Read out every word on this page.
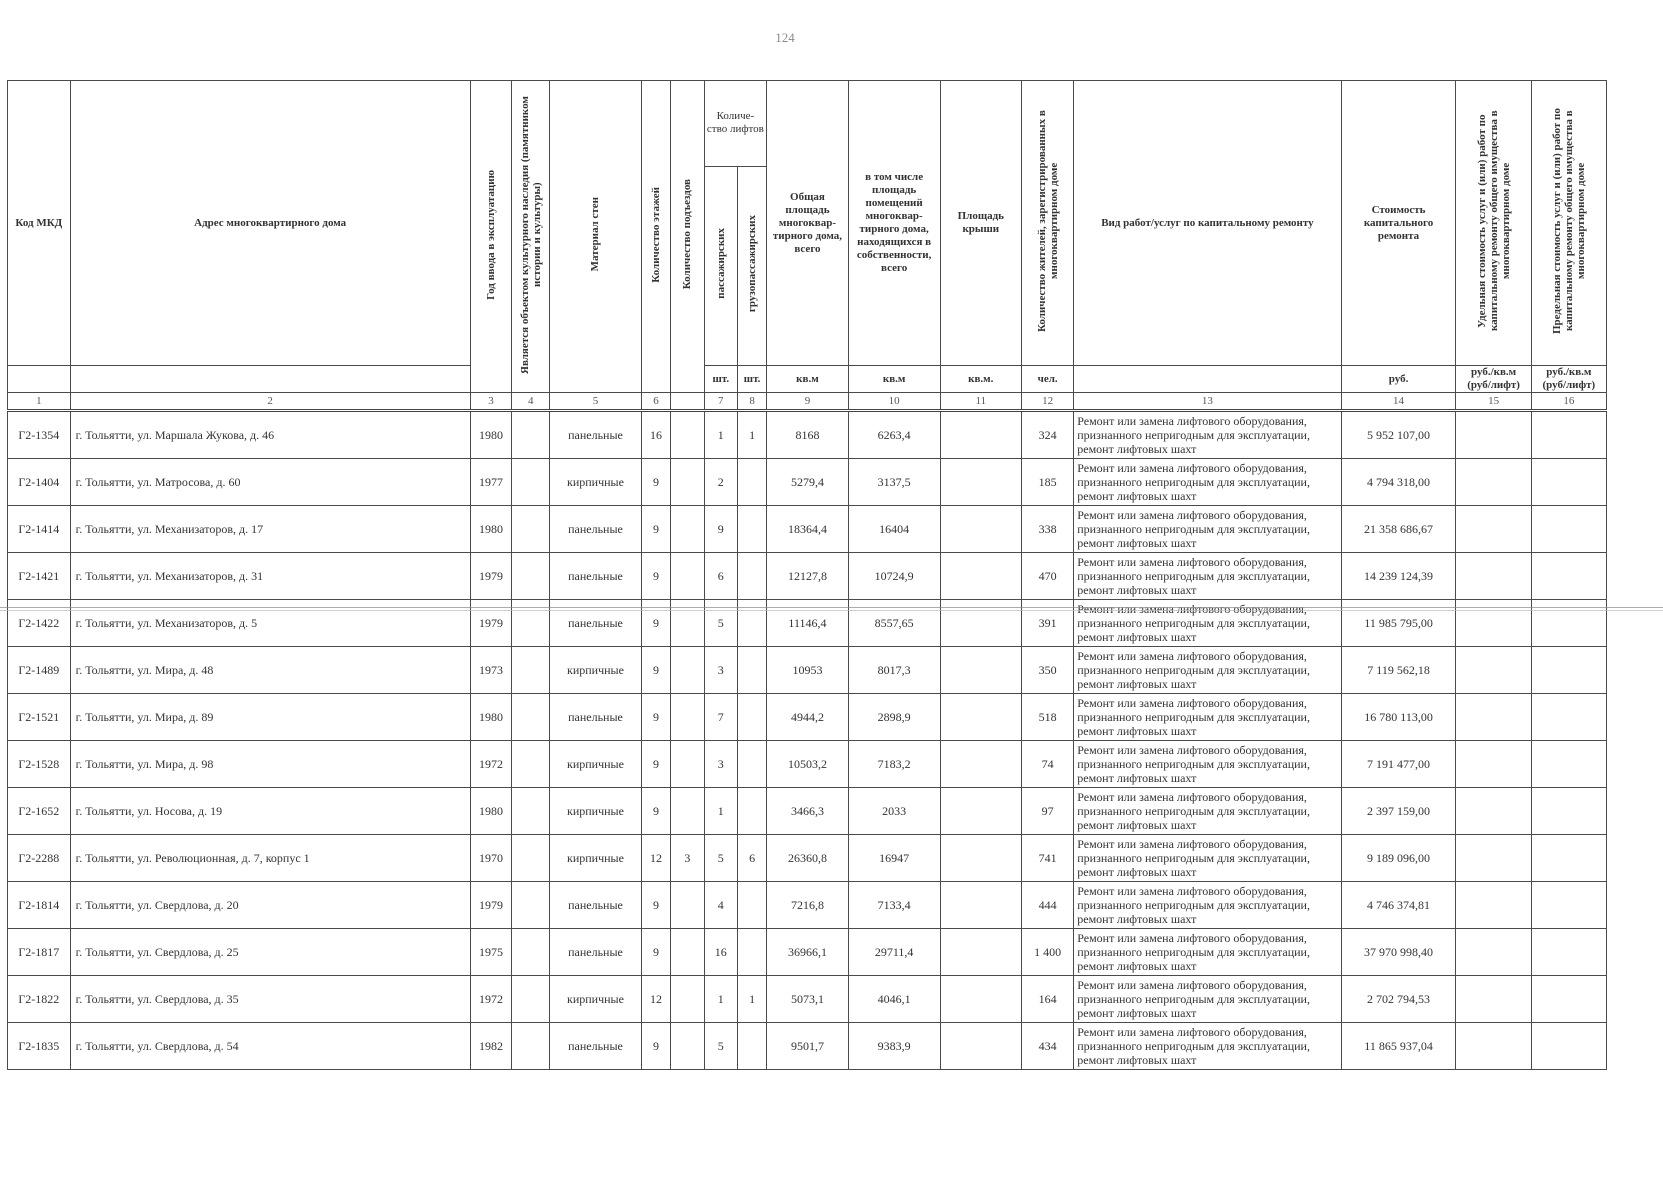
124
Код МКД	Адрес многоквартирного дома	Год ввода в эксплуатацию	Является объектом культурного наследия (памятником истории и культуры)	Материал стен	Количество этажей	Количество подъездов	Количе-ство лифтов		Общая площадь многоквар-тирного дома, всего	в том числе площадь помещений многоквар-тирного дома, находящихся в собственности, всего	Площадь крыши	Количество жителей, зарегистрированных в многоквартирном доме	Вид работ/услуг по капитальному ремонту	Стоимость капитального ремонта	Удельная стоимость услуг и (или) работ по капитальному ремонту общего имущества в многоквартирном доме	Предельная стоимость услуг и (или) работ по капитальному ремонту общего имущества в многоквартирном доме
							пассажирских	грузопассажирских								
							шт.	шт.	кв.м	кв.м	кв.м.	чел.		руб.	руб./кв.м (руб/лифт)	руб./кв.м (руб/лифт)
1	2	3	4	5	6		7	8	9	10	11	12	13	14	15	16
Г2-1354	г. Тольятти, ул. Маршала Жукова, д. 46	1980		панельные	16		1	1	8168	6263,4		324	Ремонт или замена лифтового оборудования, признанного непригодным для эксплуатации, ремонт лифтовых шахт	5 952 107,00		
Г2-1404	г. Тольятти, ул. Матросова, д. 60	1977		кирпичные	9		2		5279,4	3137,5		185	Ремонт или замена лифтового оборудования, признанного непригодным для эксплуатации, ремонт лифтовых шахт	4 794 318,00		
Г2-1414	г. Тольятти, ул. Механизаторов, д. 17	1980		панельные	9		9		18364,4	16404		338	Ремонт или замена лифтового оборудования, признанного непригодным для эксплуатации, ремонт лифтовых шахт	21 358 686,67		
Г2-1421	г. Тольятти, ул. Механизаторов, д. 31	1979		панельные	9		6		12127,8	10724,9		470	Ремонт или замена лифтового оборудования, признанного непригодным для эксплуатации, ремонт лифтовых шахт	14 239 124,39		
Г2-1422	г. Тольятти, ул. Механизаторов, д. 5	1979		панельные	9		5		11146,4	8557,65		391	Ремонт или замена лифтового оборудования, признанного непригодным для эксплуатации, ремонт лифтовых шахт	11 985 795,00		
Г2-1489	г. Тольятти, ул. Мира, д. 48	1973		кирпичные	9		3		10953	8017,3		350	Ремонт или замена лифтового оборудования, признанного непригодным для эксплуатации, ремонт лифтовых шахт	7 119 562,18		
Г2-1521	г. Тольятти, ул. Мира, д. 89	1980		панельные	9		7		4944,2	2898,9		518	Ремонт или замена лифтового оборудования, признанного непригодным для эксплуатации, ремонт лифтовых шахт	16 780 113,00		
Г2-1528	г. Тольятти, ул. Мира, д. 98	1972		кирпичные	9		3		10503,2	7183,2		74	Ремонт или замена лифтового оборудования, признанного непригодным для эксплуатации, ремонт лифтовых шахт	7 191 477,00		
Г2-1652	г. Тольятти, ул. Носова, д. 19	1980		кирпичные	9		1		3466,3	2033		97	Ремонт или замена лифтового оборудования, признанного непригодным для эксплуатации, ремонт лифтовых шахт	2 397 159,00		
Г2-2288	г. Тольятти, ул. Революционная, д. 7, корпус 1	1970		кирпичные	12	3	5	6	26360,8	16947		741	Ремонт или замена лифтового оборудования, признанного непригодным для эксплуатации, ремонт лифтовых шахт	9 189 096,00		
Г2-1814	г. Тольятти, ул. Свердлова, д. 20	1979		панельные	9		4		7216,8	7133,4		444	Ремонт или замена лифтового оборудования, признанного непригодным для эксплуатации, ремонт лифтовых шахт	4 746 374,81		
Г2-1817	г. Тольятти, ул. Свердлова, д. 25	1975		панельные	9		16		36966,1	29711,4		1 400	Ремонт или замена лифтового оборудования, признанного непригодным для эксплуатации, ремонт лифтовых шахт	37 970 998,40		
Г2-1822	г. Тольятти, ул. Свердлова, д. 35	1972		кирпичные	12		1	1	5073,1	4046,1		164	Ремонт или замена лифтового оборудования, признанного непригодным для эксплуатации, ремонт лифтовых шахт	2 702 794,53		
Г2-1835	г. Тольятти, ул. Свердлова, д. 54	1982		панельные	9		5		9501,7	9383,9		434	Ремонт или замена лифтового оборудования, признанного непригодным для эксплуатации, ремонт лифтовых шахт	11 865 937,04		
